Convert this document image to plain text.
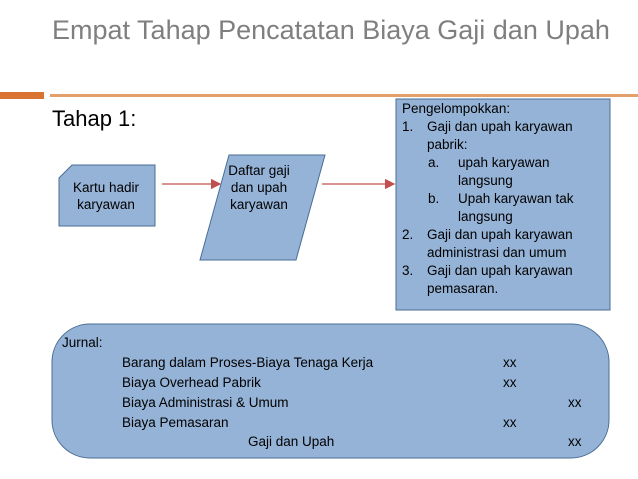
Empat Tahap Pencatatan Biaya Gaji dan Upah
Tahap 1:
Kartu hadir karyawan
Daftar gaji dan upah karyawan

Pengelompokkan:

1.	Gaji dan upah karyawan pabrik:
a.	upah karyawan langsung
b.	Upah karyawan tak langsung
2.	Gaji dan upah karyawan administrasi dan umum
3.	Gaji dan upah karyawan pemasaran.
Jurnal:
Barang dalam Proses-Biaya Tenaga Kerja	xx
Biaya Overhead Pabrik	xx
Biaya Administrasi & Umum	xx
Biaya Pemasaran	xx
Gaji dan Upah	xx
